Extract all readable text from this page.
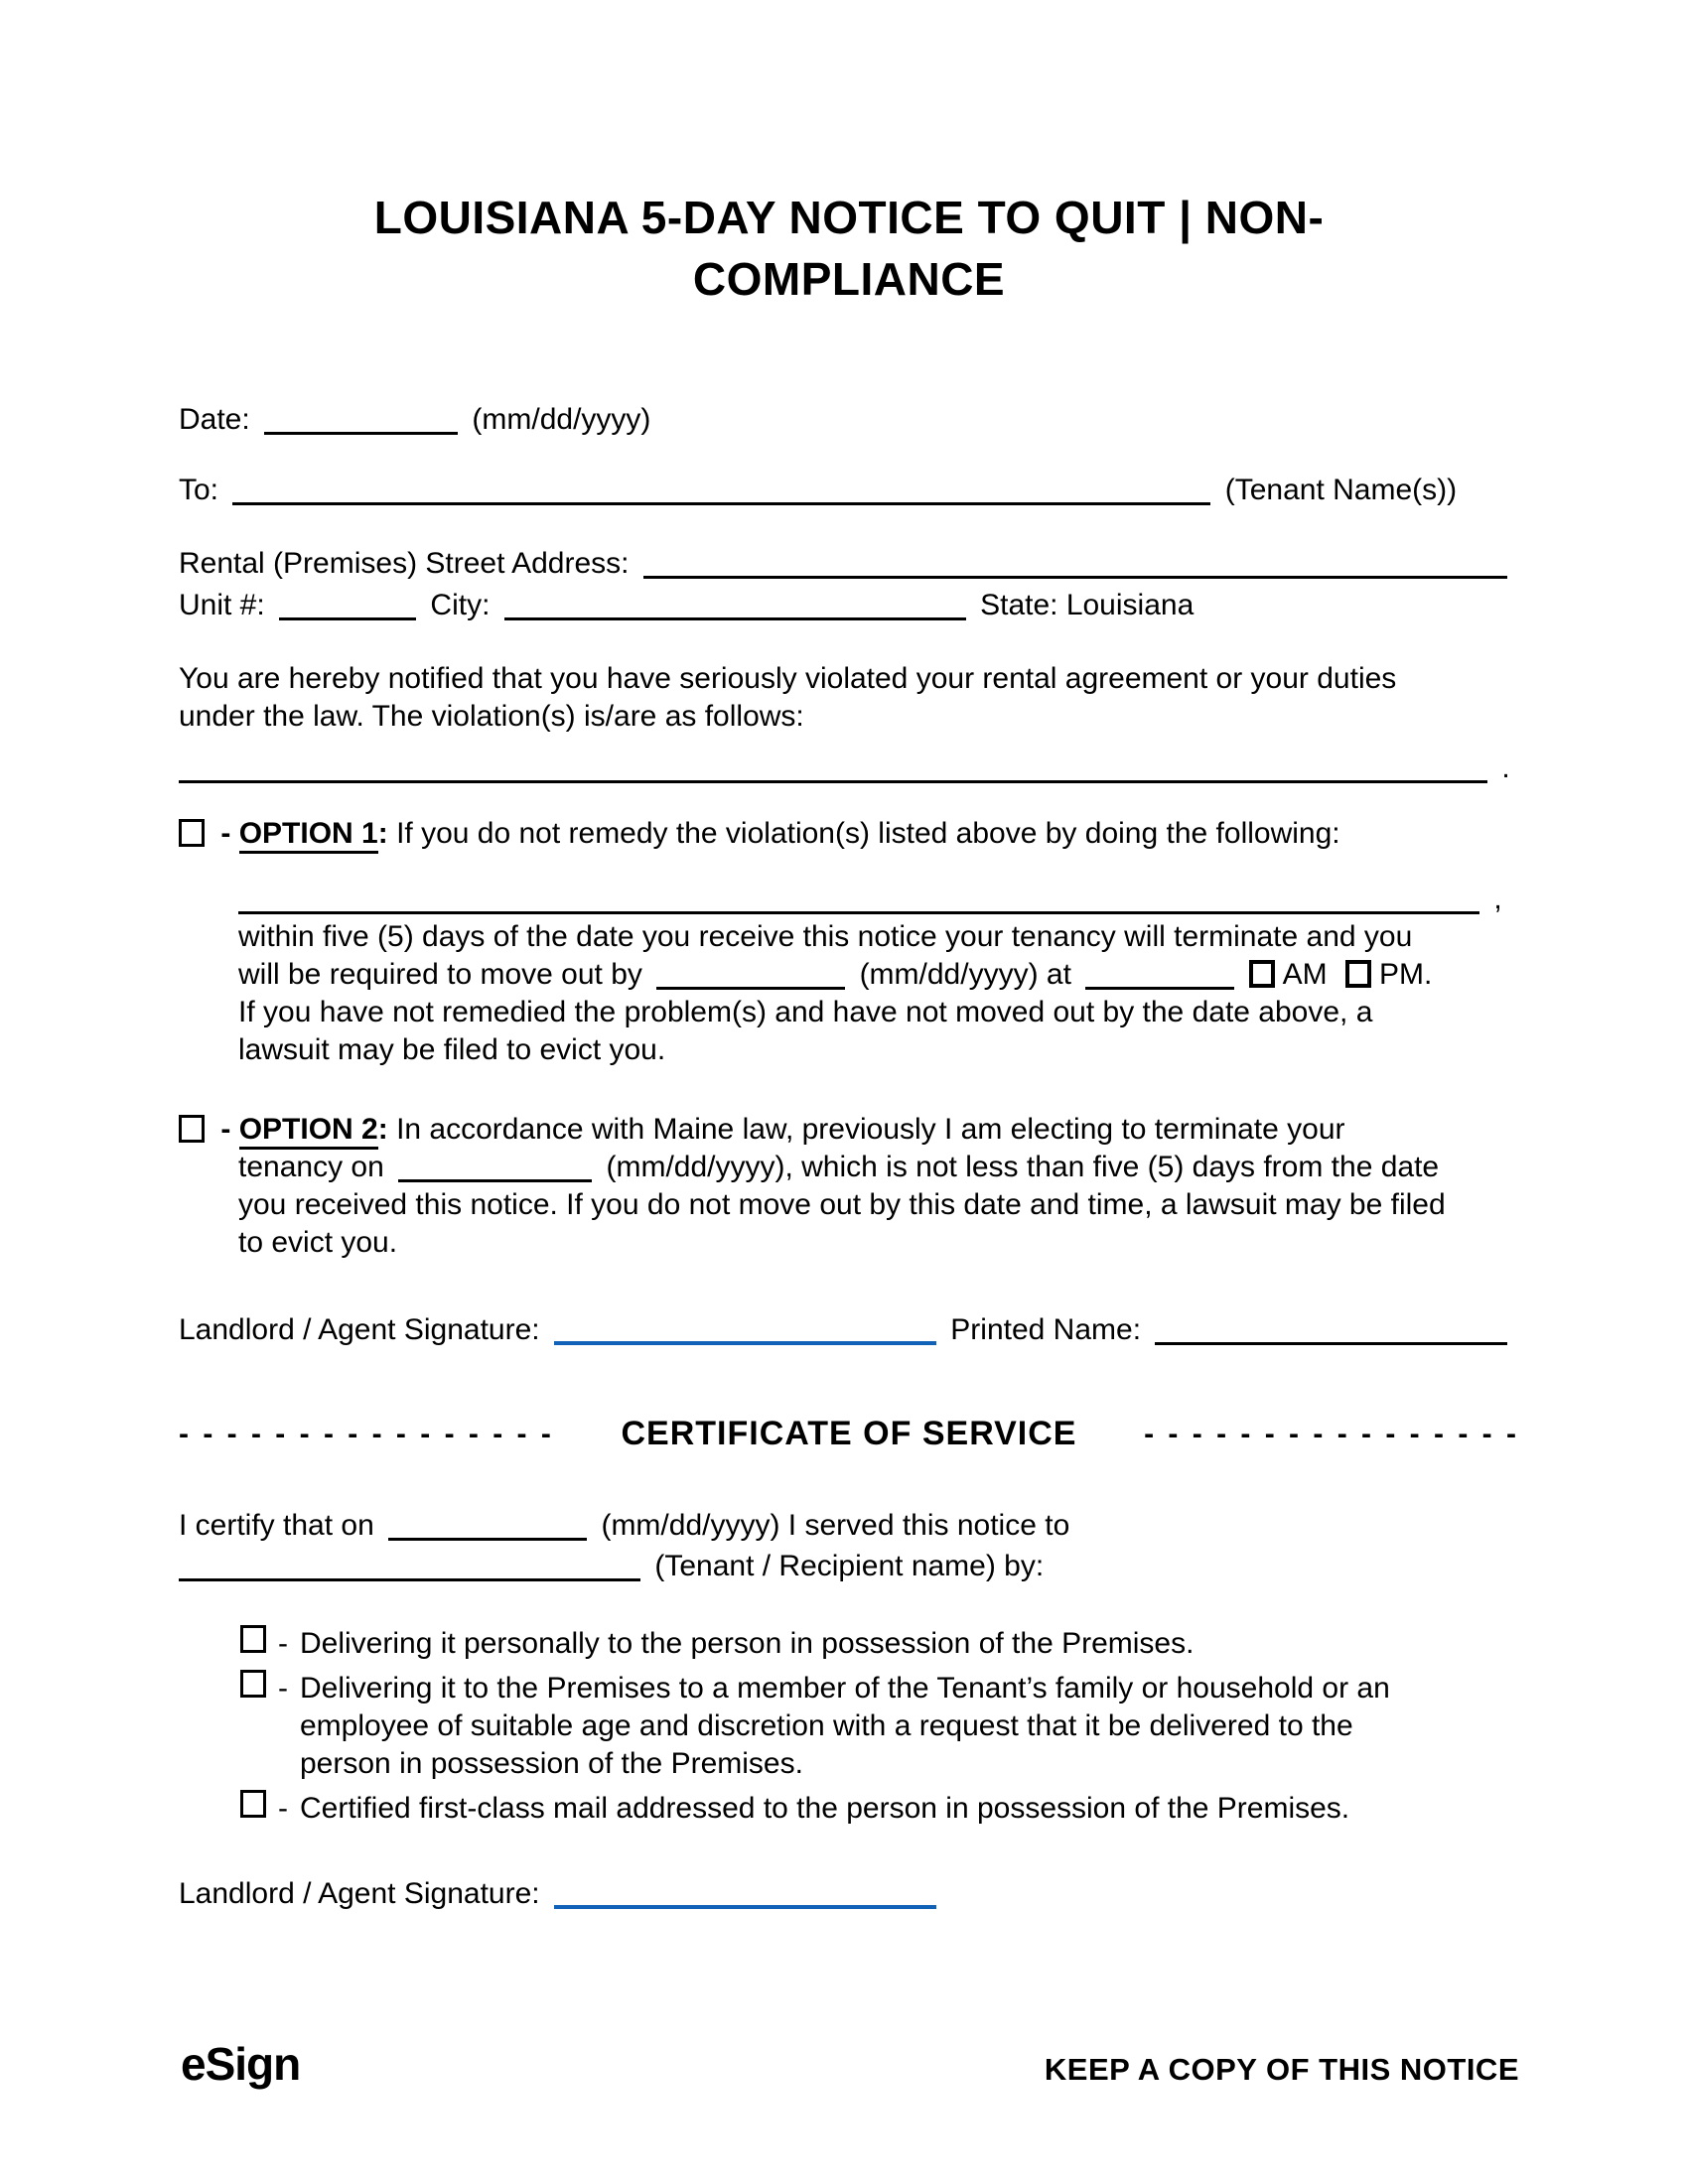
LOUISIANA 5-DAY NOTICE TO QUIT | NON-
COMPLIANCE
Date:	(mm/dd/yyyy)
To:	(Tenant Name(s))
Rental (Premises) Street Address:
Unit #:	City:	State: Louisiana
You are hereby notified that you have seriously violated your rental agreement or your duties
under the law. The violation(s) is/are as follows:
.
- OPTION 1: If you do not remedy the violation(s) listed above by doing the following:
,
within five (5) days of the date you receive this notice your tenancy will terminate and you
will be required to move out by	(mm/dd/yyyy) at	AM PM.
If you have not remedied the problem(s) and have not moved out by the date above, a
lawsuit may be filed to evict you.
- OPTION 2: In accordance with Maine law, previously I am electing to terminate your
tenancy on	(mm/dd/yyyy), which is not less than five (5) days from the date
you received this notice. If you do not move out by this date and time, a lawsuit may be filed
to evict you.
Landlord / Agent Signature:	Printed Name:
- - - - - - - - - - - - - - - -	CERTIFICATE OF SERVICE	- - - - - - - - - - - - - - - -
I certify that on	(mm/dd/yyyy) I served this notice to
(Tenant / Recipient name) by:
- Delivering it personally to the person in possession of the Premises.
- Delivering it to the Premises to a member of the Tenant’s family or household or an
employee of suitable age and discretion with a request that it be delivered to the
person in possession of the Premises.
- Certified first-class mail addressed to the person in possession of the Premises.
Landlord / Agent Signature:
eSign	KEEP A COPY OF THIS NOTICE
